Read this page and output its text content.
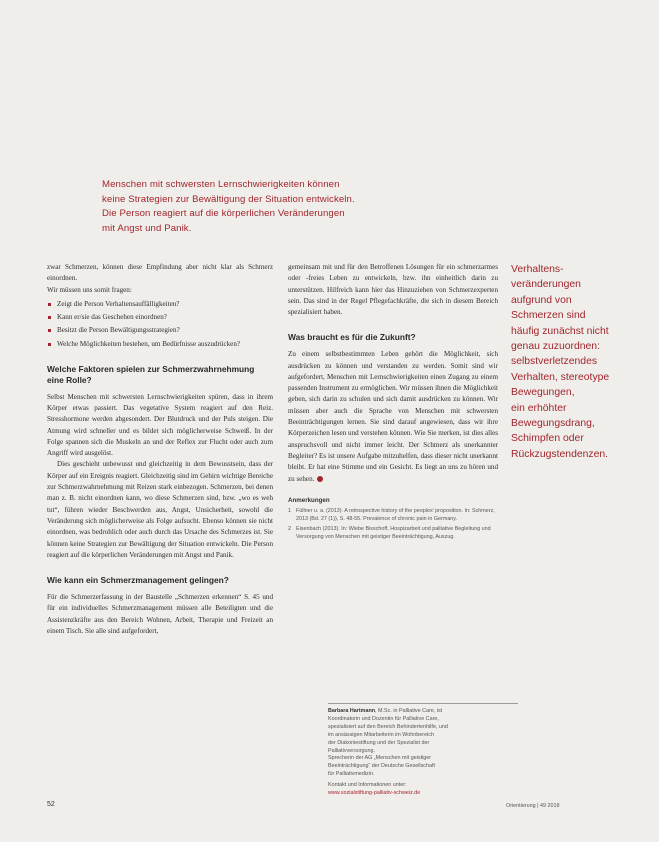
Menschen mit schwersten Lernschwierigkeiten können
keine Strategien zur Bewältigung der Situation entwickeln.
Die Person reagiert auf die körperlichen Veränderungen
mit Angst und Panik.

zwar Schmerzen, können diese Empfindung aber nicht klar als Schmerz einordnen.

Wir müssen uns somit fragen:

Zeigt die Person Verhaltensauffälligkeiten?
Kann er/sie das Geschehen einordnen?
Besitzt die Person Bewältigungsstrategien?
Welche Möglichkeiten bestehen, um Bedürfnisse auszudrücken?
Welche Faktoren spielen zur Schmerzwahrnehmung eine Rolle?

Selbst Menschen mit schwersten Lernschwierigkeiten spüren, dass in ihrem Körper etwas passiert. Das vegetative System reagiert auf den Reiz. Stresshormone werden abgesondert. Der Blutdruck und der Puls steigen. Die Atmung wird schneller und es bildet sich möglicherweise Schweiß. In der Folge spannen sich die Muskeln an und der Reflex zur Flucht oder auch zum Angriff wird ausgelöst.

Dies geschieht unbewusst und gleichzeitig in dem Bewusstsein, dass der Körper auf ein Ereignis reagiert. Gleichzeitig sind im Gehirn wichtige Bereiche zur Schmerzwahrnehmung mit Reizen stark einbezogen. Schmerzen, bei denen man z. B. nicht einordnen kann, wo diese Schmerzen sind, bzw. „wo es weh tut“, führen wieder Beschwerden aus, Angst, Unsicherheit, sowohl die Veränderung sich möglicherweise als Folge aufsucht. Ebenso können sie nicht einordnen, was bedrohlich oder auch durch das Ursache des Schmerzes ist. Sie können keine Strategien zur Bewältigung der Situation entwickeln. Die Person reagiert auf die körperlichen Veränderungen mit Angst und Panik.

Wie kann ein Schmerzmanagement gelingen?

Für die Schmerzerfassung in der Baustelle „Schmerzen erkennen“ S. 45 und für ein individuelles Schmerzmanagement müssen alle Beteiligten und die Assistenzkräfte aus den Bereich Wohnen, Arbeit, Therapie und Freizeit an einem Tisch. Sie alle sind aufgefordert,

gemeinsam mit und für den Betroffenen Lösungen für ein schmerzarmes oder -freies Leben zu entwickeln, bzw. ihn einheitlich darin zu unterstützen. Hilfreich kann hier das Hinzuziehen von Schmerzexperten sein. Das sind in der Regel Pflegefachkräfte, die sich in diesem Bereich spezialisiert haben.

Was braucht es für die Zukunft?

Zu einem selbstbestimmten Leben gehört die Möglichkeit, sich ausdrücken zu können und verstanden zu werden. Somit sind wir aufgefordert, Menschen mit Lernschwierigkeiten einen Zugang zu einem passenden Instrument zu ermöglichen. Wir müssen ihnen die Möglichkeit geben, sich darin zu schulen und sich damit ausdrücken zu können. Wir müssen aber auch die Sprache von Menschen mit schwersten Beeinträchtigungen lernen. Sie sind darauf angewiesen, dass wir ihre Körperzeichen lesen und verstehen können. Wie Sie merken, ist dies alles anspruchsvoll und nicht immer leicht. Der Schmerz als unerkannter Begleiter? Es ist unsere Aufgabe mitzuhelfen, dass dieser nicht unerkannt bleibt. Er hat eine Stimme und ein Gesicht. Es liegt an uns zu hören und zu sehen.

Anmerkungen
1 Füllner u. a. (2013). A retrospective history of the peoples' proposition. In: Schmerz, 2013 (Bd. 27 (1)), S. 48-55. Prevalence of chronic pain in Germany.
2 Eisenbach (2013). In: Wiebe Bisschoff, Hospizarbeit und palliative Begleitung und Versorgung von Menschen mit geistiger Beeinträchtigung, Auszug.
Verhaltens-
veränderungen
aufgrund von
Schmerzen sind
häufig zunächst nicht
genau zuzuordnen:
selbstverletzendes
Verhalten, stereotype
Bewegungen,
ein erhöhter
Bewegungsdrang,
Schimpfen oder
Rückzugstendenzen.
Barbara Hartmann, M.Sc. in Palliative Care, ist
Koordinatorin und Dozentin für Palliative Care,
spezialisiert auf den Bereich Behindertenhilfe, und
im ansässigen Mitarbeiterin im Wohnbereich
der Diakoniestiftung und der Spezialist der
Palliativversorgung.
Sprecherin der AG „Menschen mit geistiger
Beeinträchtigung“ der Deutsche Gesellschaft
für Palliativmedizin.
Kontakt und Informationen unter:
www.sozialstiftung-palliativ-schweiz.de
52	Orientierung | 49 2018
